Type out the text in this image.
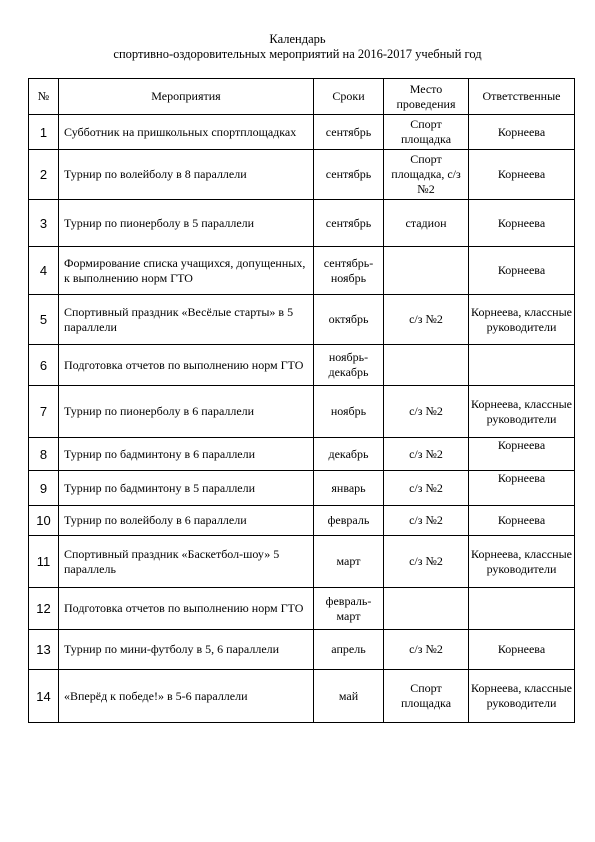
Календарь
спортивно-оздоровительных мероприятий на 2016-2017 учебный год
№	Мероприятия	Сроки	Место проведения	Ответственные
1	Субботник на пришкольных спортплощадках	сентябрь	Спорт площадка	Корнеева
2	Турнир по волейболу в 8 параллели	сентябрь	Спорт площадка, с/з №2	Корнеева
3	Турнир по пионерболу в 5 параллели	сентябрь	стадион	Корнеева
4	Формирование списка учащихся, допущенных, к выполнению норм ГТО	сентябрь-ноябрь		Корнеева
5	Спортивный праздник «Весёлые старты» в 5 параллели	октябрь	с/з №2	Корнеева, классные руководители
6	Подготовка отчетов по выполнению норм ГТО	ноябрь-декабрь		
7	Турнир по пионерболу в 6 параллели	ноябрь	с/з №2	Корнеева, классные руководители
8	Турнир по бадминтону в 6 параллели	декабрь	с/з №2	Корнеева
9	Турнир по бадминтону в 5 параллели	январь	с/з №2	Корнеева
10	Турнир по волейболу в 6 параллели	февраль	с/з №2	Корнеева
11	Спортивный праздник «Баскетбол-шоу» 5 параллель	март	с/з №2	Корнеева, классные руководители
12	Подготовка отчетов по выполнению норм ГТО	февраль-март		
13	Турнир по мини-футболу в 5, 6 параллели	апрель	с/з №2	Корнеева
14	«Вперёд к победе!» в 5-6 параллели	май	Спорт площадка	Корнеева, классные руководители
